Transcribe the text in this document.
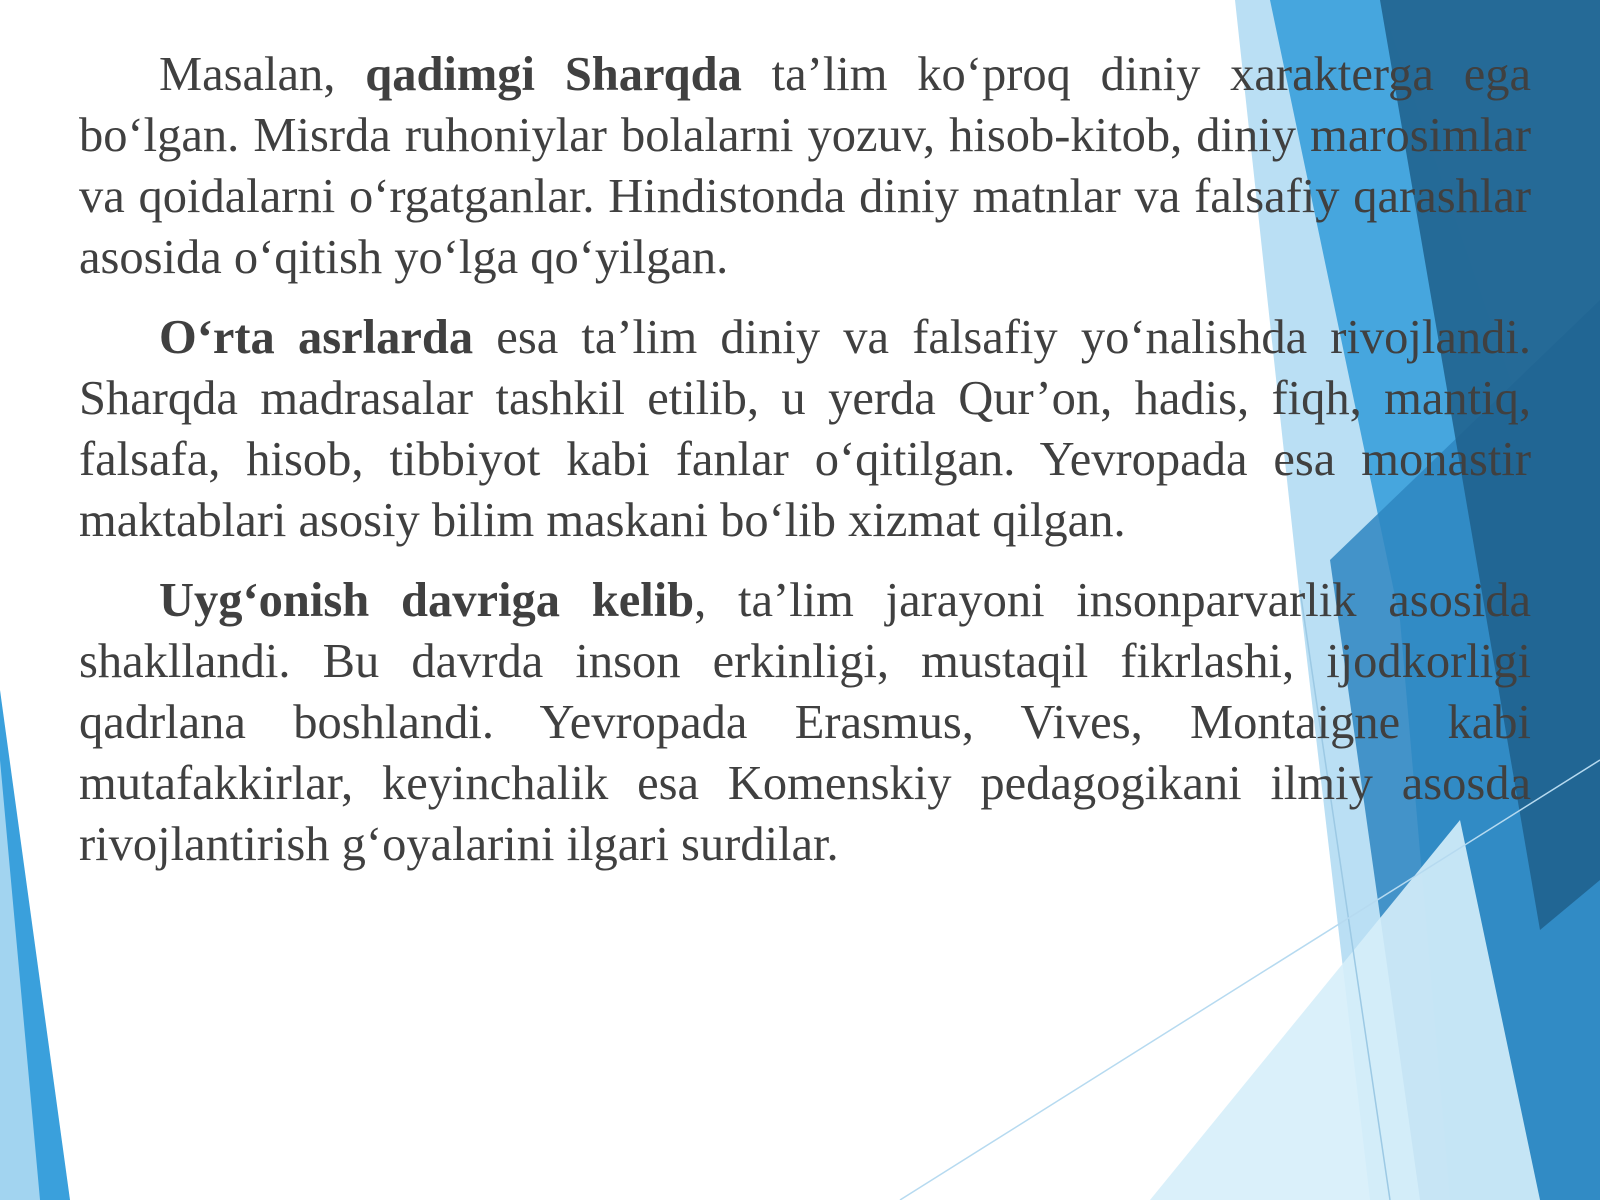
Masalan, qadimgi Sharqda ta’lim ko‘proq diniy xarakterga ega bo‘lgan. Misrda ruhoniylar bolalarni yozuv, hisob-kitob, diniy marosimlar va qoidalarni o‘rgatganlar. Hindistonda diniy matnlar va falsafiy qarashlar asosida o‘qitish yo‘lga qo‘yilgan.

O‘rta asrlarda esa ta’lim diniy va falsafiy yo‘nalishda rivojlandi. Sharqda madrasalar tashkil etilib, u yerda Qur’on, hadis, fiqh, mantiq, falsafa, hisob, tibbiyot kabi fanlar o‘qitilgan. Yevropada esa monastir maktablari asosiy bilim maskani bo‘lib xizmat qilgan.

Uyg‘onish davriga kelib, ta’lim jarayoni insonparvarlik asosida shakllandi. Bu davrda inson erkinligi, mustaqil fikrlashi, ijodkorligi qadrlana boshlandi. Yevropada Erasmus, Vives, Montaigne kabi mutafakkirlar, keyinchalik esa Komenskiy pedagogikani ilmiy asosda rivojlantirish g‘oyalarini ilgari surdilar.
